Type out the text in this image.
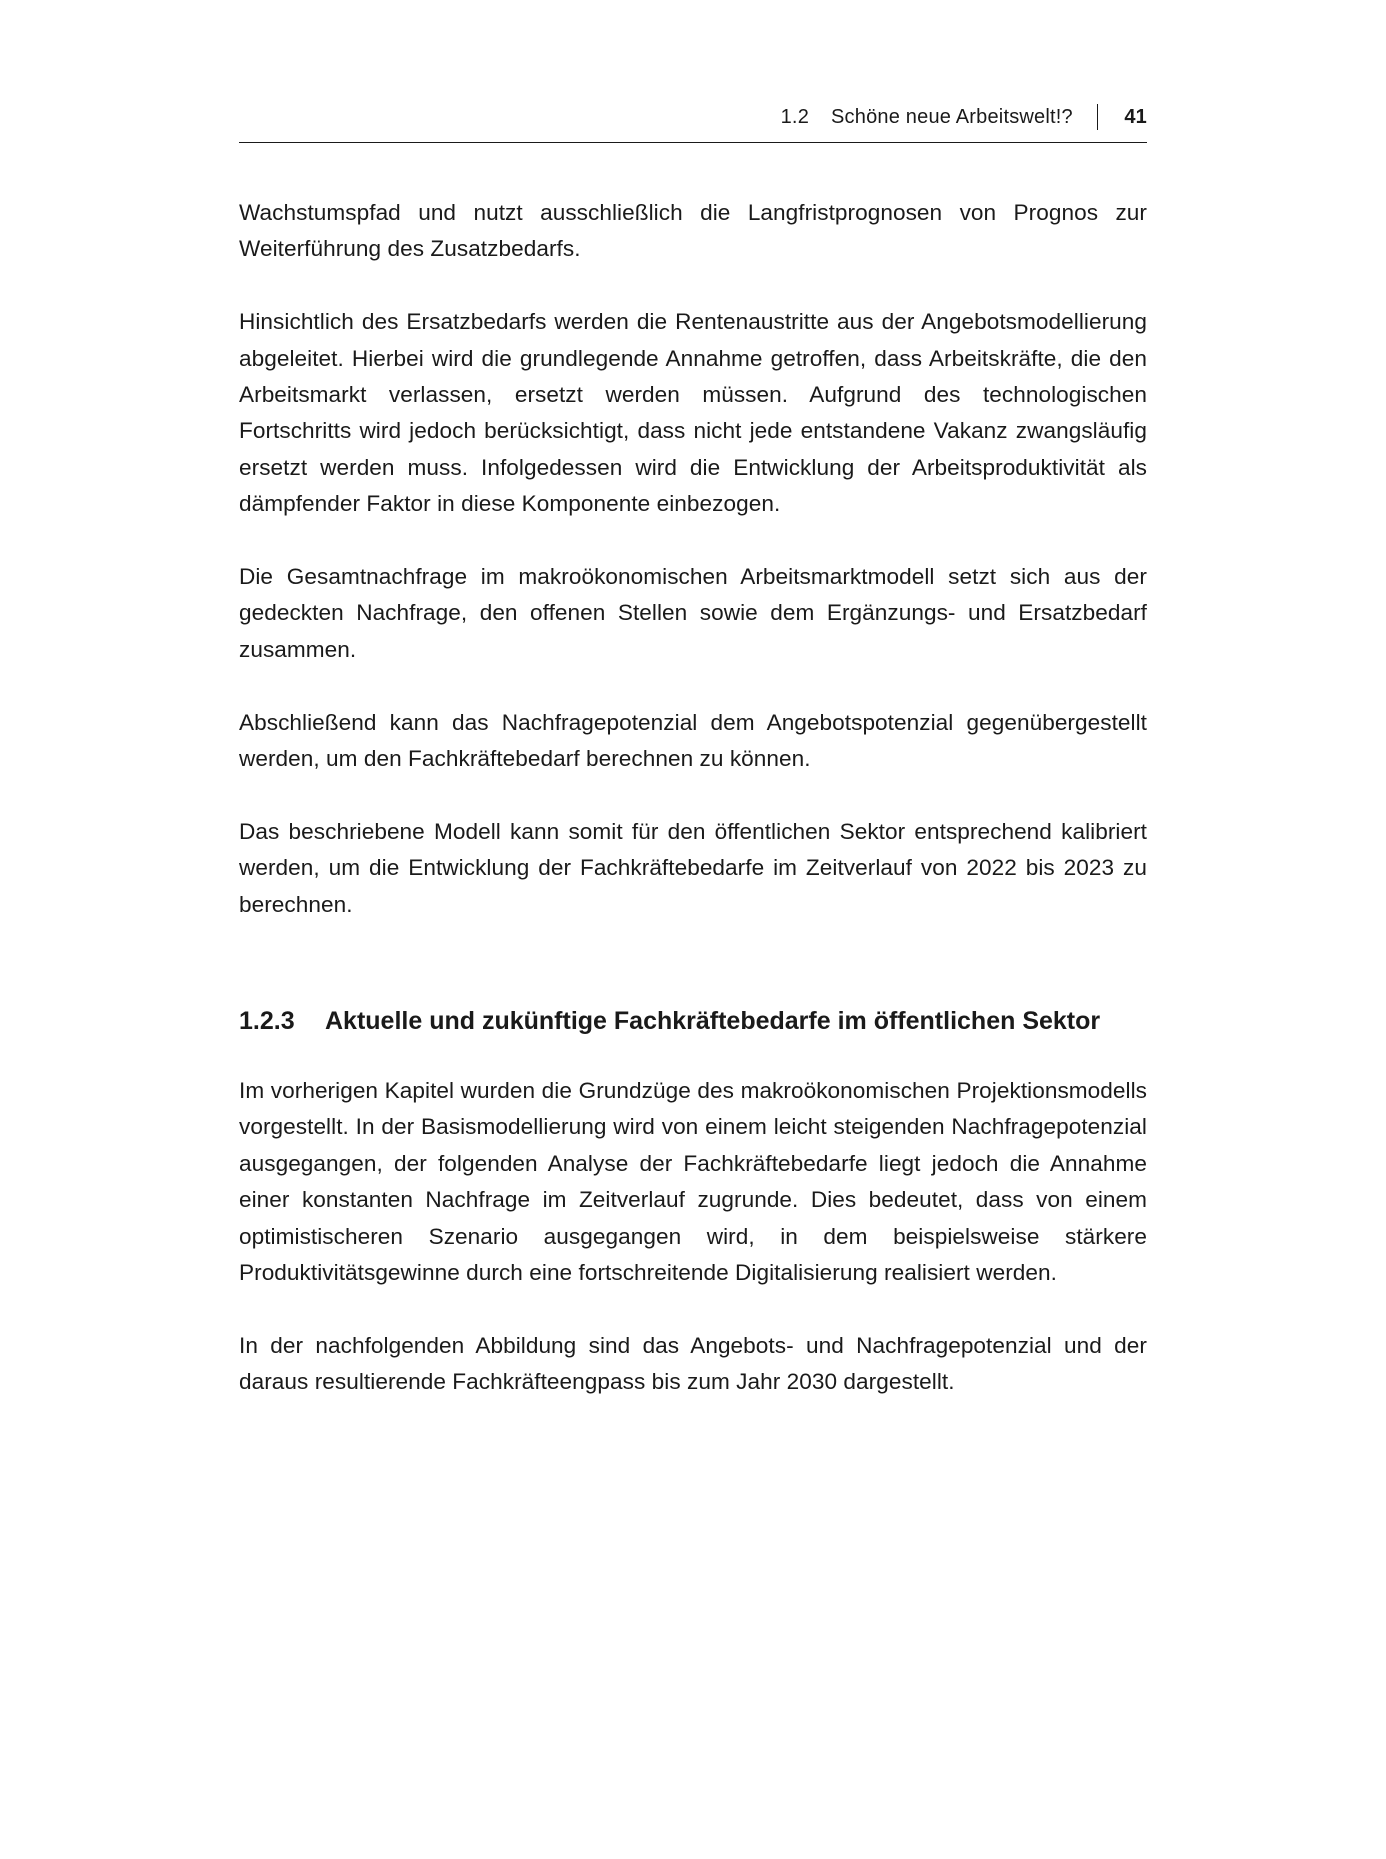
1.2 Schöne neue Arbeitswelt!?	41

Wachstumspfad und nutzt ausschließlich die Langfristprognosen von Prognos zur Weiterführung des Zusatzbedarfs.

Hinsichtlich des Ersatzbedarfs werden die Rentenaustritte aus der Angebotsmodellierung abgeleitet. Hierbei wird die grundlegende Annahme getroffen, dass Arbeitskräfte, die den Arbeitsmarkt verlassen, ersetzt werden müssen. Aufgrund des technologischen Fortschritts wird jedoch berücksichtigt, dass nicht jede entstandene Vakanz zwangsläufig ersetzt werden muss. Infolgedessen wird die Entwicklung der Arbeitsproduktivität als dämpfender Faktor in diese Komponente einbezogen.

Die Gesamtnachfrage im makroökonomischen Arbeitsmarktmodell setzt sich aus der gedeckten Nachfrage, den offenen Stellen sowie dem Ergänzungs- und Ersatzbedarf zusammen.

Abschließend kann das Nachfragepotenzial dem Angebotspotenzial gegenübergestellt werden, um den Fachkräftebedarf berechnen zu können.

Das beschriebene Modell kann somit für den öffentlichen Sektor entsprechend kalibriert werden, um die Entwicklung der Fachkräftebedarfe im Zeitverlauf von 2022 bis 2023 zu berechnen.

1.2.3	Aktuelle und zukünftige Fachkräftebedarfe im öffentlichen Sektor

Im vorherigen Kapitel wurden die Grundzüge des makroökonomischen Projektionsmodells vorgestellt. In der Basismodellierung wird von einem leicht steigenden Nachfragepotenzial ausgegangen, der folgenden Analyse der Fachkräftebedarfe liegt jedoch die Annahme einer konstanten Nachfrage im Zeitverlauf zugrunde. Dies bedeutet, dass von einem optimistischeren Szenario ausgegangen wird, in dem beispielsweise stärkere Produktivitätsgewinne durch eine fortschreitende Digitalisierung realisiert werden.

In der nachfolgenden Abbildung sind das Angebots- und Nachfragepotenzial und der daraus resultierende Fachkräfteengpass bis zum Jahr 2030 dargestellt.
